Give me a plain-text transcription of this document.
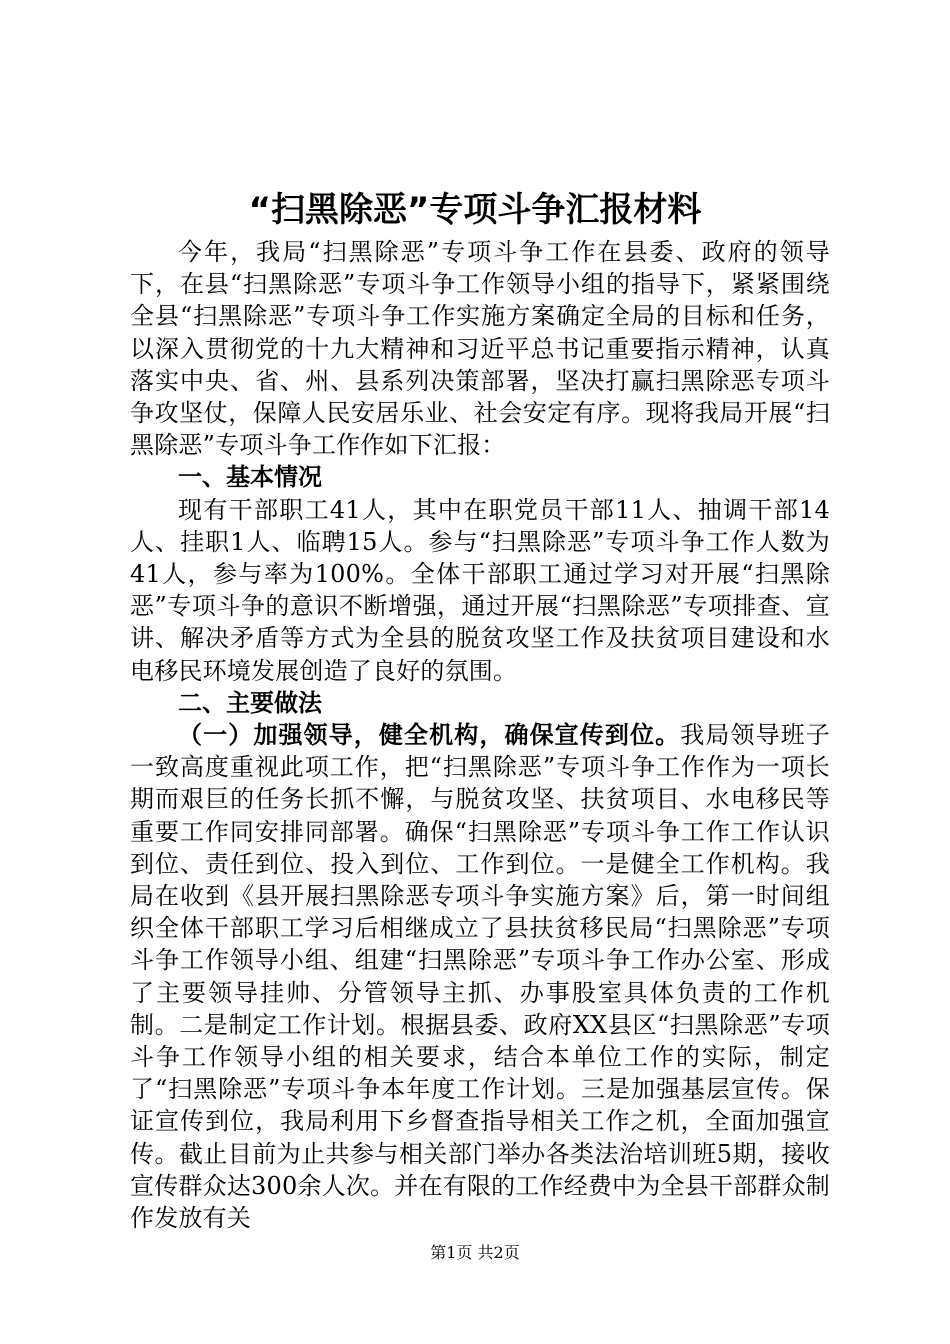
“扫黑除恶”专项斗争汇报材料

今年，我局“扫黑除恶”专项斗争工作在县委、政府的领导下，在县“扫黑除恶”专项斗争工作领导小组的指导下，紧紧围绕全县“扫黑除恶”专项斗争工作实施方案确定全局的目标和任务，以深入贯彻党的十九大精神和习近平总书记重要指示精神，认真落实中央、省、州、县系列决策部署，坚决打赢扫黑除恶专项斗争攻坚仗，保障人民安居乐业、社会安定有序。现将我局开展“扫黑除恶”专项斗争工作作如下汇报：

一、基本情况

现有干部职工41人，其中在职党员干部11人、抽调干部14人、挂职1人、临聘15人。参与“扫黑除恶”专项斗争工作人数为41人，参与率为100%。全体干部职工通过学习对开展“扫黑除恶”专项斗争的意识不断增强，通过开展“扫黑除恶”专项排查、宣讲、解决矛盾等方式为全县的脱贫攻坚工作及扶贫项目建设和水电移民环境发展创造了良好的氛围。

二、主要做法

（一）加强领导，健全机构，确保宣传到位。我局领导班子一致高度重视此项工作，把“扫黑除恶”专项斗争工作作为一项长期而艰巨的任务长抓不懈，与脱贫攻坚、扶贫项目、水电移民等重要工作同安排同部署。确保“扫黑除恶”专项斗争工作工作认识到位、责任到位、投入到位、工作到位。一是健全工作机构。我局在收到《县开展扫黑除恶专项斗争实施方案》后，第一时间组织全体干部职工学习后相继成立了县扶贫移民局“扫黑除恶”专项斗争工作领导小组、组建“扫黑除恶”专项斗争工作办公室、形成了主要领导挂帅、分管领导主抓、办事股室具体负责的工作机制。二是制定工作计划。根据县委、政府XX县区“扫黑除恶”专项斗争工作领导小组的相关要求，结合本单位工作的实际，制定了“扫黑除恶”专项斗争本年度工作计划。三是加强基层宣传。保证宣传到位，我局利用下乡督查指导相关工作之机，全面加强宣传。截止目前为止共参与相关部门举办各类法治培训班5期，接收宣传群众达300余人次。并在有限的工作经费中为全县干部群众制作发放有关

第1页 共2页
